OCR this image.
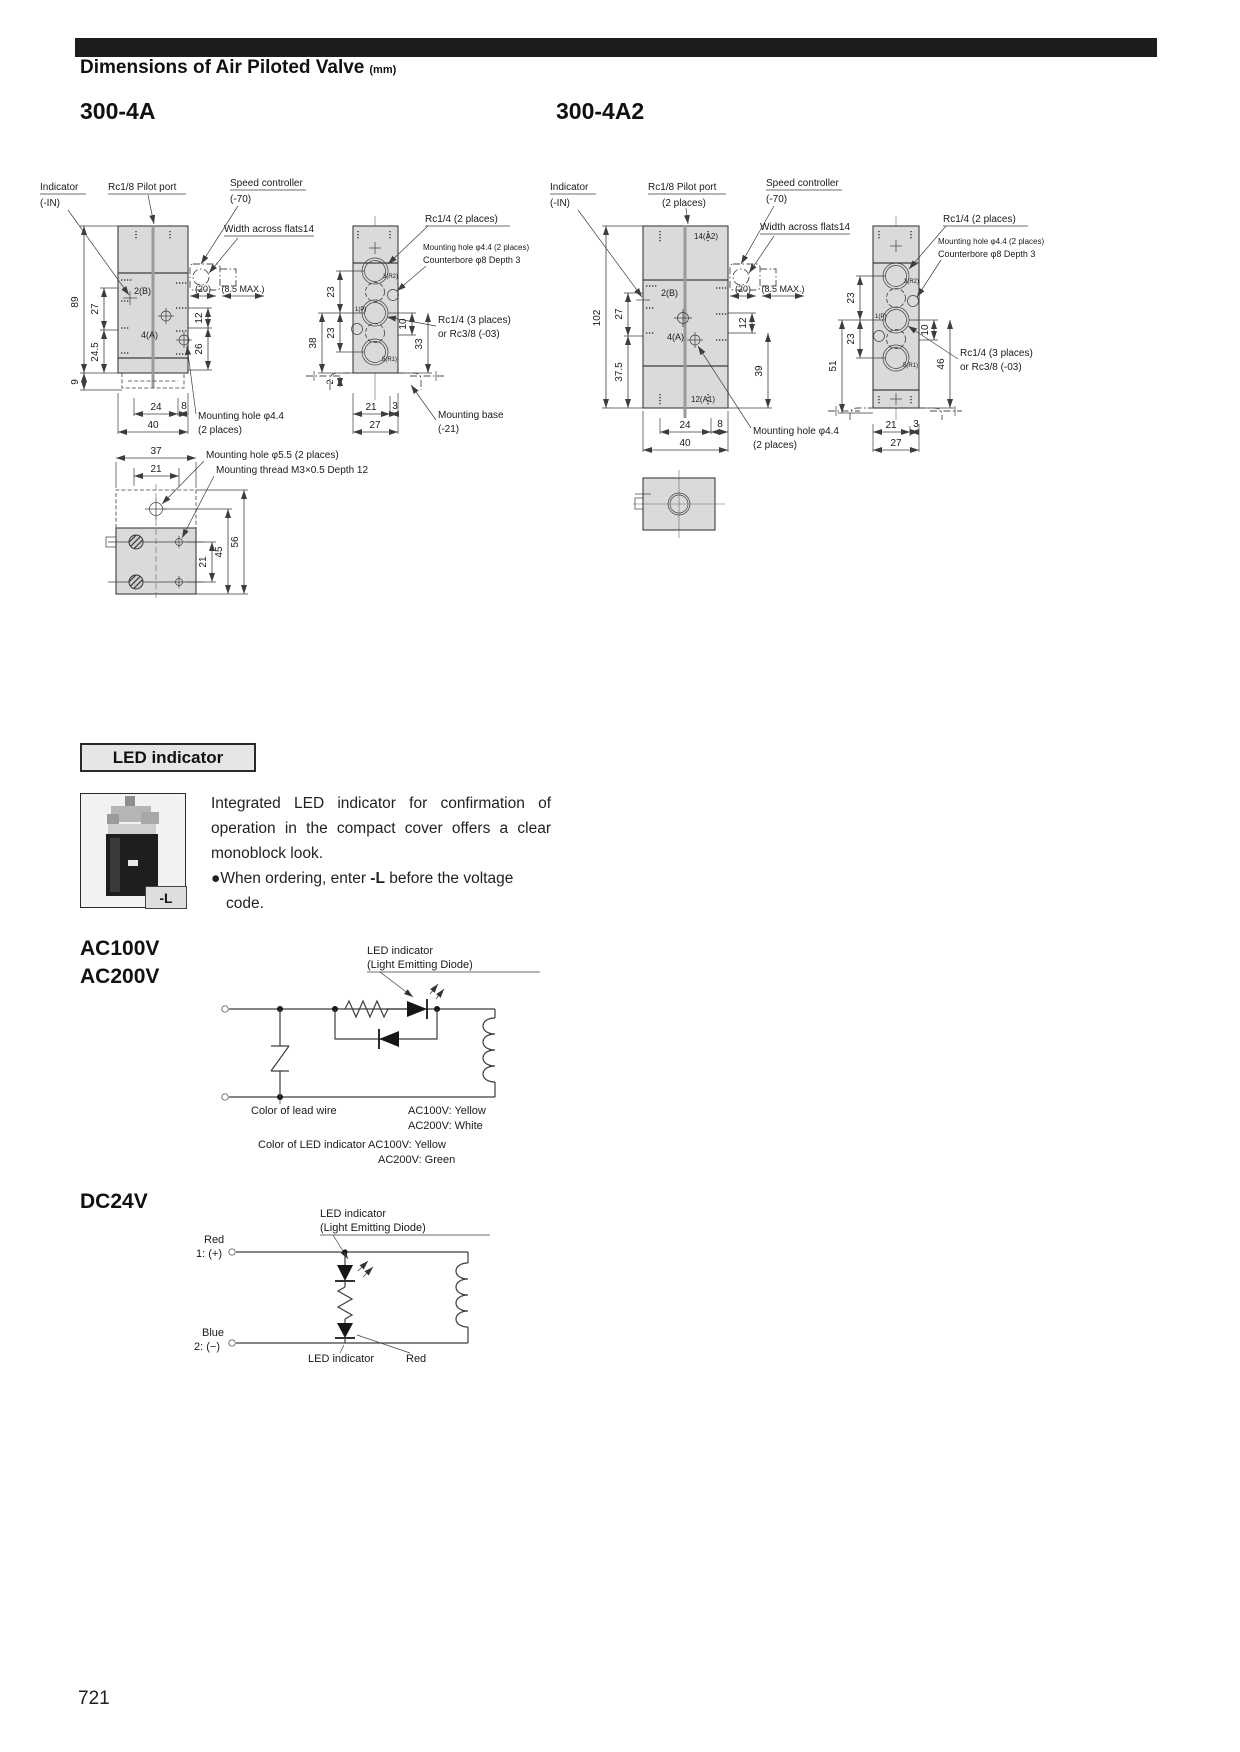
Dimensions of Air Piloted Valve (mm)
300-4A	300-4A2
2(B)
4(A)
Indicator
(-IN)
Rc1/8 Pilot port	Speed controller
(-70)
Width across flats14
Mounting hole φ4.4
(2 places)
89
9
27
24.5
24 8
40
(20) (8.5 MAX.)
12
26
3(R2)
1(P)
5(R1)
23
23
38
2
10
33
21 3
27
Rc1/4 (2 places)
Mounting hole φ4.4 (2 places)
Counterbore φ8 Depth 3
Rc1/4 (3 places)
or Rc3/8 (-03)
Mounting base
(-21)
37
21
21
45
56
Mounting hole φ5.5 (2 places)
Mounting thread M3×0.5 Depth 12
14(A2)
2(B)
4(A)
12(A1)
Indicator
(-IN)
Rc1/8 Pilot port
(2 places)
Speed controller
(-70)
Width across flats14
Mounting hole φ4.4
(2 places)
102 27
37.5
(20) (8.5 MAX.)
12
39
24	8
40
3(R2)
1(P)
5(R1)
23
23
51
10
46
21 3
27
Rc1/4 (2 places)
Mounting hole φ4.4 (2 places)
Counterbore φ8 Depth 3
Rc1/4 (3 places)
or Rc3/8 (-03)
LED indicator
-L

Integrated LED indicator for confirmation of operation in the compact cover offers a clear monoblock look.

●When ordering, enter -L before the voltage code.

AC100V
AC200V
LED indicator
(Light Emitting Diode)
Color of lead wire	AC100V: Yellow
AC200V: White
Color of LED indicator AC100V: Yellow
AC200V: Green
DC24V
LED indicator
(Light Emitting Diode)
Red
1: (+)
Blue
2: (−)
LED indicator	Red
721
